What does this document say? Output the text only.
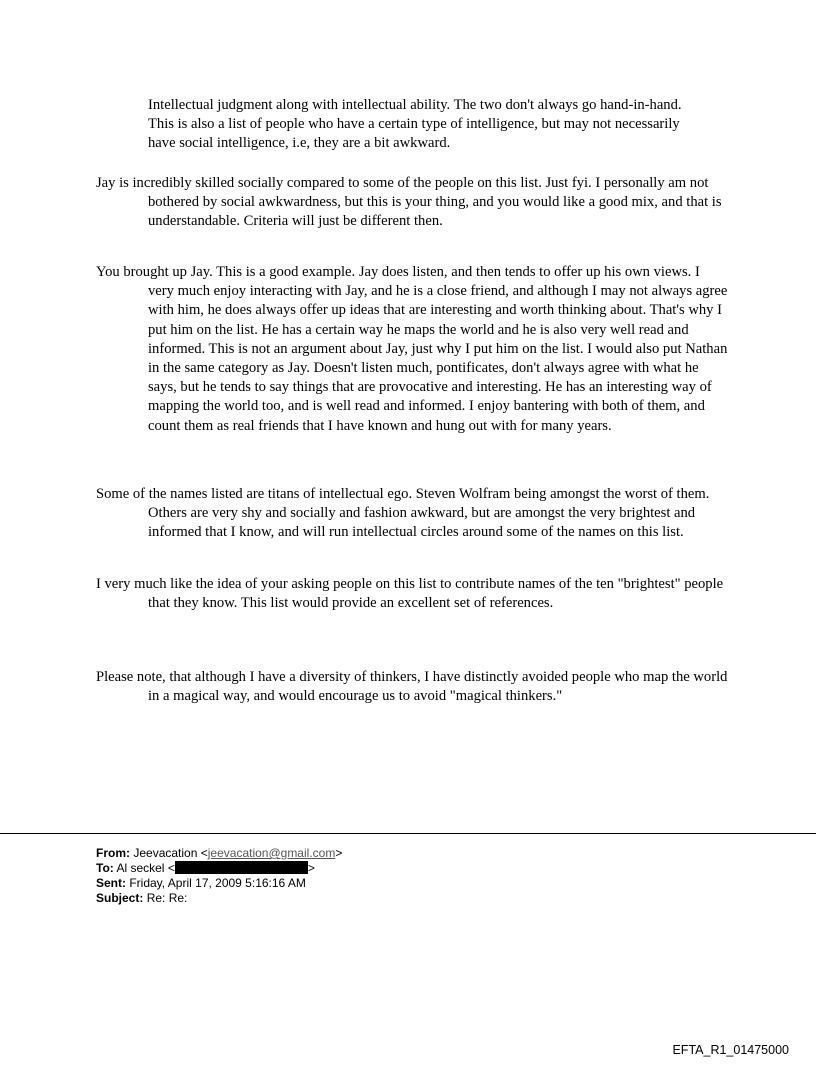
Intellectual judgment along with intellectual ability. The two don't always go hand-in-hand. This is also a list of people who have a certain type of intelligence, but may not necessarily have social intelligence, i.e, they are a bit awkward.

Jay is incredibly skilled socially compared to some of the people on this list. Just fyi. I personally am not bothered by social awkwardness, but this is your thing, and you would like a good mix, and that is understandable. Criteria will just be different then.

You brought up Jay. This is a good example. Jay does listen, and then tends to offer up his own views. I very much enjoy interacting with Jay, and he is a close friend, and although I may not always agree with him, he does always offer up ideas that are interesting and worth thinking about. That's why I put him on the list. He has a certain way he maps the world and he is also very well read and informed. This is not an argument about Jay, just why I put him on the list. I would also put Nathan in the same category as Jay. Doesn't listen much, pontificates, don't always agree with what he says, but he tends to say things that are provocative and interesting. He has an interesting way of mapping the world too, and is well read and informed. I enjoy bantering with both of them, and count them as real friends that I have known and hung out with for many years.

Some of the names listed are titans of intellectual ego. Steven Wolfram being amongst the worst of them. Others are very shy and socially and fashion awkward, but are amongst the very brightest and informed that I know, and will run intellectual circles around some of the names on this list.

I very much like the idea of your asking people on this list to contribute names of the ten "brightest" people that they know. This list would provide an excellent set of references.

Please note, that although I have a diversity of thinkers, I have distinctly avoided people who map the world in a magical way, and would encourage us to avoid "magical thinkers."

From: Jeevacation <jeevacation@gmail.com>
To: Al seckel <	>
Sent: Friday, April 17, 2009 5:16:16 AM
Subject: Re: Re:
EFTA_R1_01475000
